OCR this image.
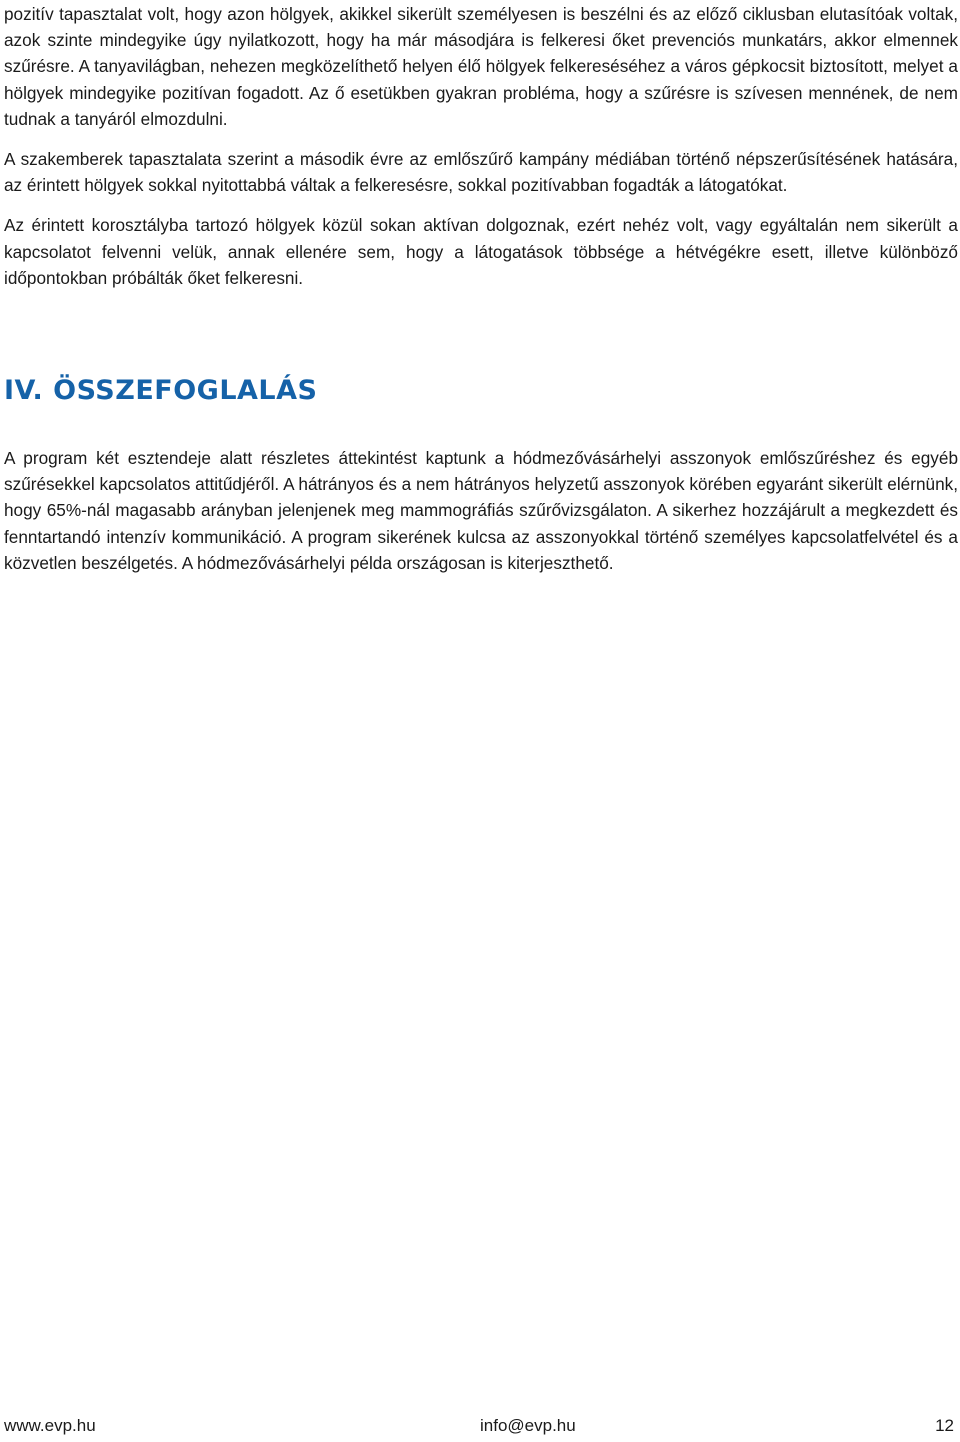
pozitív tapasztalat volt, hogy azon hölgyek, akikkel sikerült személyesen is beszélni és az előző ciklusban elutasítóak voltak, azok szinte mindegyike úgy nyilatkozott, hogy ha már másodjára is felkeresi őket prevenciós munkatárs, akkor elmennek szűrésre. A tanyavilágban, nehezen megközelíthető helyen élő hölgyek felkereséséhez a város gépkocsit biztosított, melyet a hölgyek mindegyike pozitívan fogadott. Az ő esetükben gyakran probléma, hogy a szűrésre is szívesen mennének, de nem tudnak a tanyáról elmozdulni.

A szakemberek tapasztalata szerint a második évre az emlőszűrő kampány médiában történő népszerűsítésének hatására, az érintett hölgyek sokkal nyitottabbá váltak a felkeresésre, sokkal pozitívabban fogadták a látogatókat.

Az érintett korosztályba tartozó hölgyek közül sokan aktívan dolgoznak, ezért nehéz volt, vagy egyáltalán nem sikerült a kapcsolatot felvenni velük, annak ellenére sem, hogy a látogatások többsége a hétvégékre esett, illetve különböző időpontokban próbálták őket felkeresni.

IV. ÖSSZEFOGLALÁS

A program két esztendeje alatt részletes áttekintést kaptunk a hódmezővásárhelyi asszonyok emlőszűréshez és egyéb szűrésekkel kapcsolatos attitűdjéről. A hátrányos és a nem hátrányos helyzetű asszonyok körében egyaránt sikerült elérnünk, hogy 65%-nál magasabb arányban jelenjenek meg mammográfiás szűrővizsgálaton. A sikerhez hozzájárult a megkezdett és fenntartandó intenzív kommunikáció. A program sikerének kulcsa az asszonyokkal történő személyes kapcsolatfelvétel és a közvetlen beszélgetés. A hódmezővásárhelyi példa országosan is kiterjeszthető.

www.evp.hu	info@evp.hu	12
